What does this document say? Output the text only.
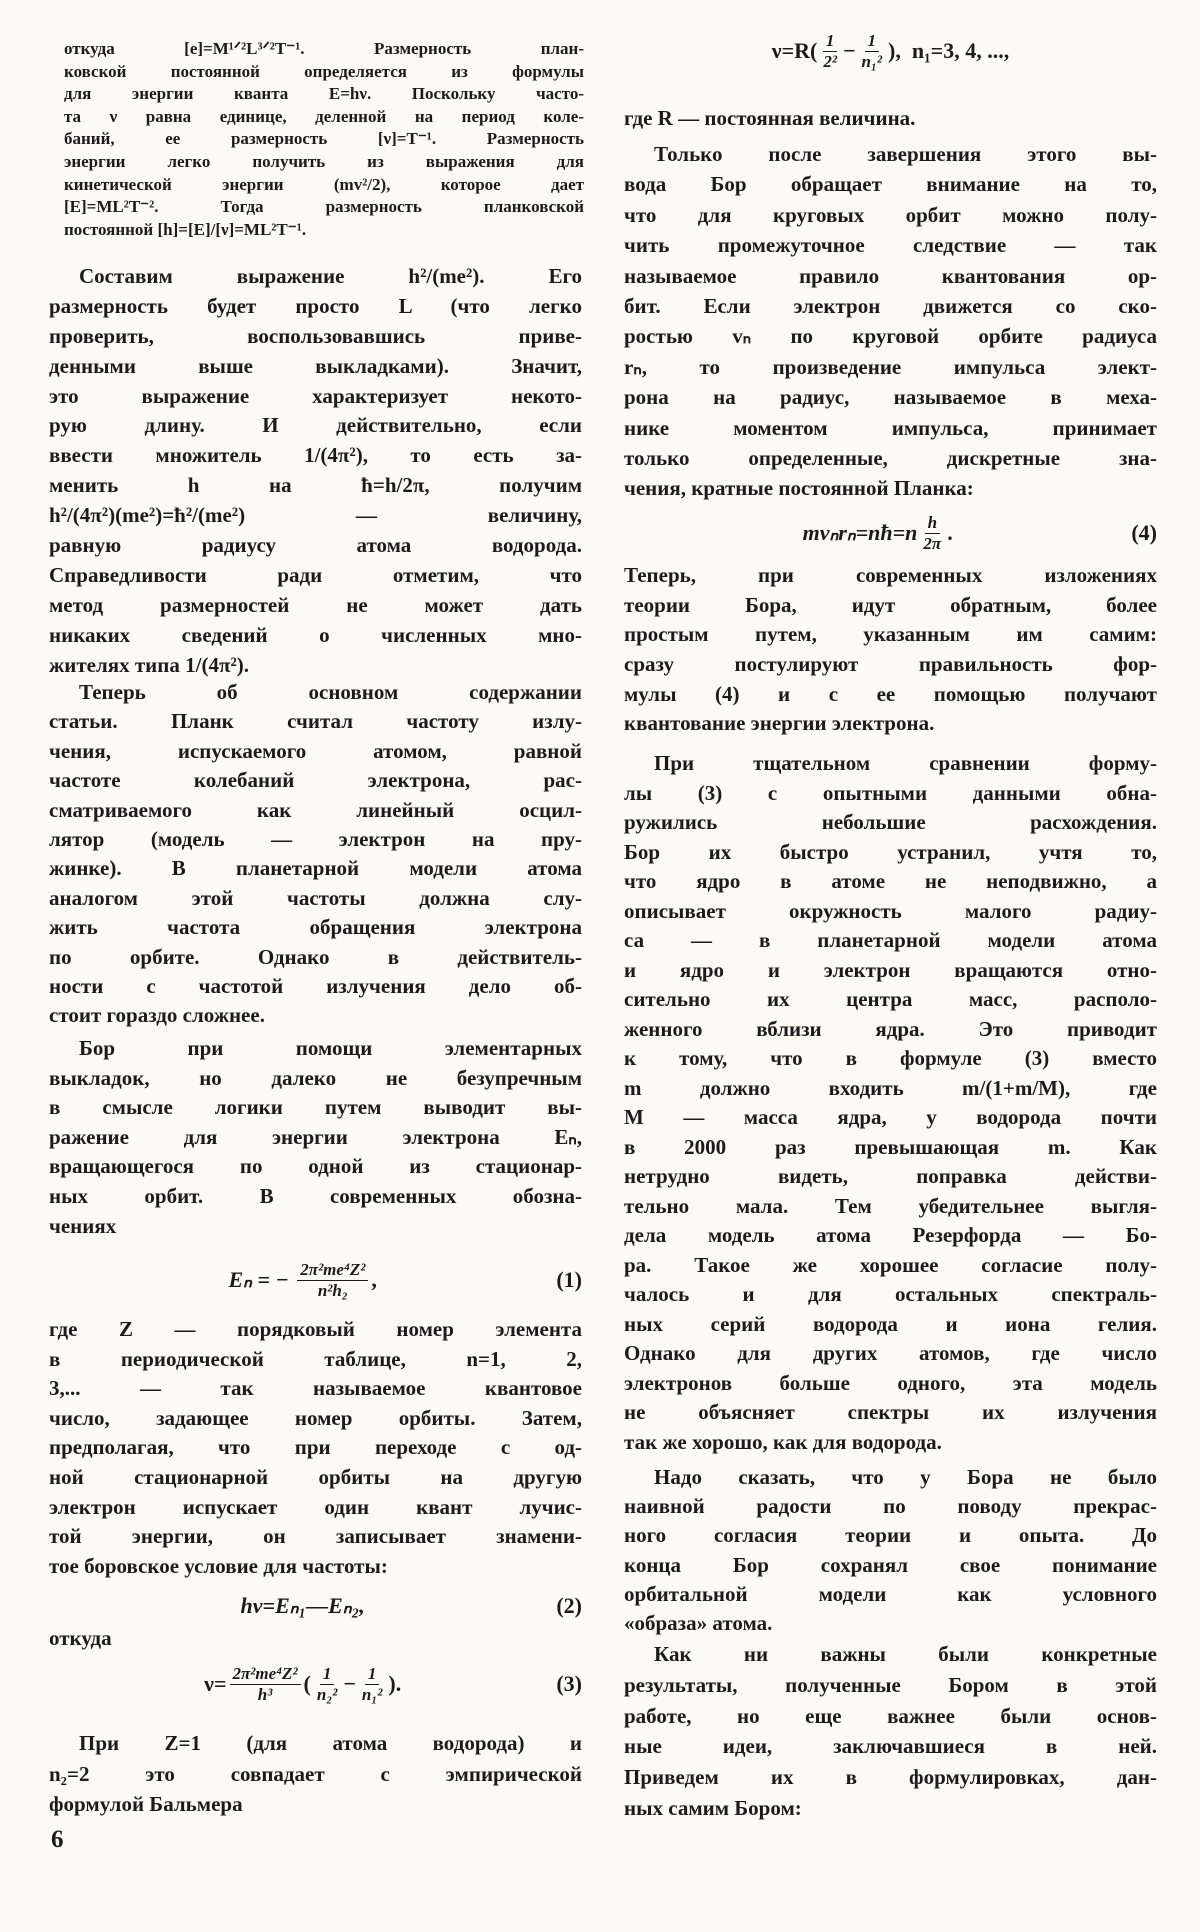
откуда [e]=M¹ᐟ²L³ᐟ²T⁻¹. Размерность план-
ковской постоянной определяется из формулы
для энергии кванта E=hν. Поскольку часто-
та ν равна единице, деленной на период коле-
баний, ее размерность [ν]=T⁻¹. Размерность
энергии легко получить из выражения для
кинетической энергии (mv²/2), которое дает
[E]=ML²T⁻². Тогда размерность планковской
постоянной [h]=[E]/[ν]=ML²T⁻¹.
Составим выражение h²/(me²). Его
размерность будет просто L (что легко
проверить, воспользовавшись приве-
денными выше выкладками). Значит,
это выражение характеризует некото-
рую длину. И действительно, если
ввести множитель 1/(4π²), то есть за-
менить h на ħ=h/2π, получим
h²/(4π²)(me²)=ħ²/(me²) — величину,
равную радиусу атома водорода.
Справедливости ради отметим, что
метод размерностей не может дать
никаких сведений о численных мно-
жителях типа 1/(4π²).
Теперь об основном содержании
статьи. Планк считал частоту излу-
чения, испускаемого атомом, равной
частоте колебаний электрона, рас-
сматриваемого как линейный осцил-
лятор (модель — электрон на пру-
жинке). В планетарной модели атома
аналогом этой частоты должна слу-
жить частота обращения электрона
по орбите. Однако в действитель-
ности с частотой излучения дело об-
стоит гораздо сложнее.
Бор при помощи элементарных
выкладок, но далеко не безупречным
в смысле логики путем выводит вы-
ражение для энергии электрона Eₙ,
вращающегося по одной из стационар-
ных орбит. В современных обозна-
чениях
Eₙ = − $\frac{\text{2π²me⁴Z²}}{\text{n²h₂}}$ ,	(1)
где Z — порядковый номер элемента
в периодической таблице, n=1, 2,
3,... — так называемое квантовое
число, задающее номер орбиты. Затем,
предполагая, что при переходе с од-
ной стационарной орбиты на другую
электрон испускает один квант лучис-
той энергии, он записывает знамени-
тое боровское условие для частоты:
hν=Eₙ₁—Eₙ₂,	(2)
откуда
$\nu= \frac{\text{2π²me⁴Z²}}{\text{h³}}$ ( $\frac{1}{\text{n₂²}} - \frac{1}{\text{n₁²}}$ ).	(3)
При Z=1 (для атома водорода) и
n₂=2 это совпадает с эмпирической
формулой Бальмера
$\nu=R( \frac{1}{\text{2²}} - \frac{1}{\text{n₁²}}$ ),  n₁=3, 4, ...,
где R — постоянная величина.
Только после завершения этого вы-
вода Бор обращает внимание на то,
что для круговых орбит можно полу-
чить промежуточное следствие — так
называемое правило квантования ор-
бит. Если электрон движется со ско-
ростью vₙ по круговой орбите радиуса
rₙ, то произведение импульса элект-
рона на радиус, называемое в меха-
нике моментом импульса, принимает
только определенные, дискретные зна-
чения, кратные постоянной Планка:
mvₙrₙ=nħ=n $\frac{h}{2\pi}$ .	(4)
Теперь, при современных изложениях
теории Бора, идут обратным, более
простым путем, указанным им самим:
сразу постулируют правильность фор-
мулы (4) и с ее помощью получают
квантование энергии электрона.
При тщательном сравнении форму-
лы (3) с опытными данными обна-
ружились небольшие расхождения.
Бор их быстро устранил, учтя то,
что ядро в атоме не неподвижно, а
описывает окружность малого радиу-
са — в планетарной модели атома
и ядро и электрон вращаются отно-
сительно их центра масс, располо-
женного вблизи ядра. Это приводит
к тому, что в формуле (3) вместо
m должно входить m/(1+m/M), где
M — масса ядра, у водорода почти
в 2000 раз превышающая m. Как
нетрудно видеть, поправка действи-
тельно мала. Тем убедительнее выгля-
дела модель атома Резерфорда — Бо-
ра. Такое же хорошее согласие полу-
чалось и для остальных спектраль-
ных серий водорода и иона гелия.
Однако для других атомов, где число
электронов больше одного, эта модель
не объясняет спектры их излучения
так же хорошо, как для водорода.
Надо сказать, что у Бора не было
наивной радости по поводу прекрас-
ного согласия теории и опыта. До
конца Бор сохранял свое понимание
орбитальной модели как условного
«образа» атома.
Как ни важны были конкретные
результаты, полученные Бором в этой
работе, но еще важнее были основ-
ные идеи, заключавшиеся в ней.
Приведем их в формулировках, дан-
ных самим Бором:
6
